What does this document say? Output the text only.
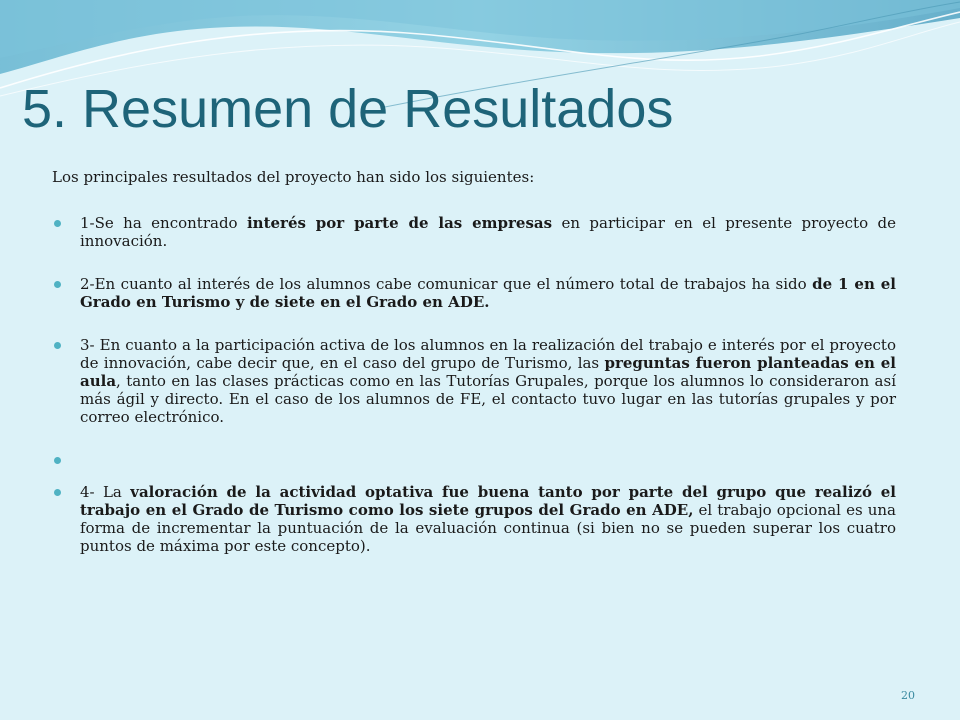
5. Resumen de Resultados

Los principales resultados del proyecto han sido los siguientes:

1-Se ha encontrado interés por parte de las empresas en participar en el presente proyecto de innovación.
2-En cuanto al interés de los alumnos cabe comunicar que el número total de trabajos ha sido de 1 en el Grado en Turismo y de siete en el Grado en ADE.
3- En cuanto a la participación activa de los alumnos en la realización del trabajo e interés por el proyecto de innovación, cabe decir que, en el caso del grupo de Turismo, las preguntas fueron planteadas en el aula, tanto en las clases prácticas como en las Tutorías Grupales, porque los alumnos lo consideraron así más ágil y directo. En el caso de los alumnos de FE, el contacto tuvo lugar en las tutorías grupales y por correo electrónico.
4- La valoración de la actividad optativa fue buena tanto por parte del grupo que realizó el trabajo en el Grado de Turismo como los siete grupos del Grado en ADE, el trabajo opcional es una forma de incrementar la puntuación de la evaluación continua (si bien no se pueden superar los cuatro puntos de máxima por este concepto).
20
